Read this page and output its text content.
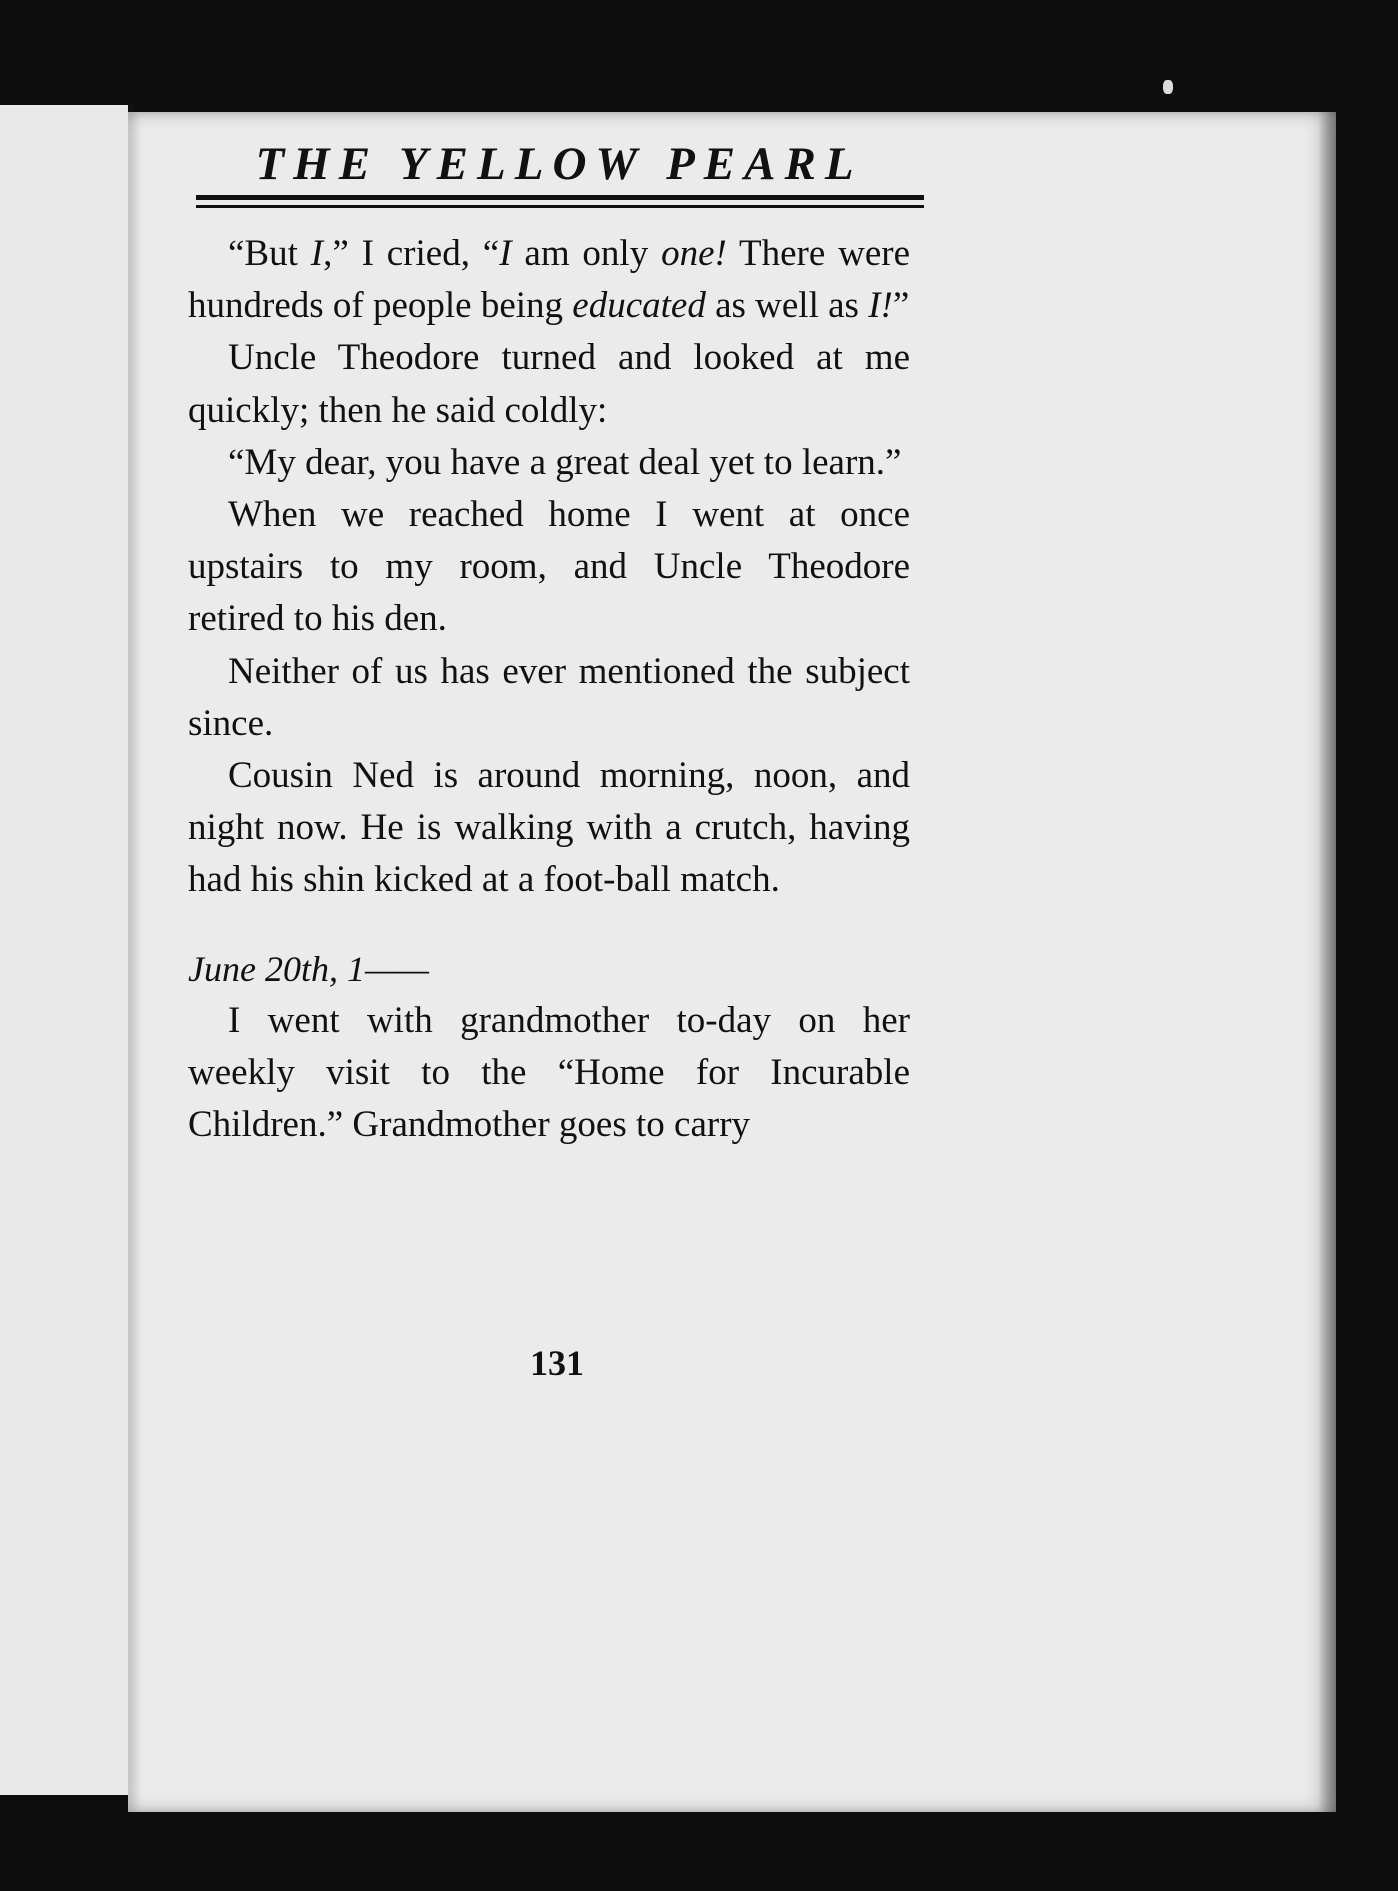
THE YELLOW PEARL

“But I,” I cried, “I am only one! There were hundreds of people being educated as well as I!”

Uncle Theodore turned and looked at me quickly; then he said coldly:

“My dear, you have a great deal yet to learn.”

When we reached home I went at once upstairs to my room, and Uncle Theodore retired to his den.

Neither of us has ever mentioned the subject since.

Cousin Ned is around morning, noon, and night now. He is walking with a crutch, having had his shin kicked at a foot-ball match.

June 20th, 1——

I went with grandmother to-day on her weekly visit to the “Home for Incurable Children.” Grandmother goes to carry

131
